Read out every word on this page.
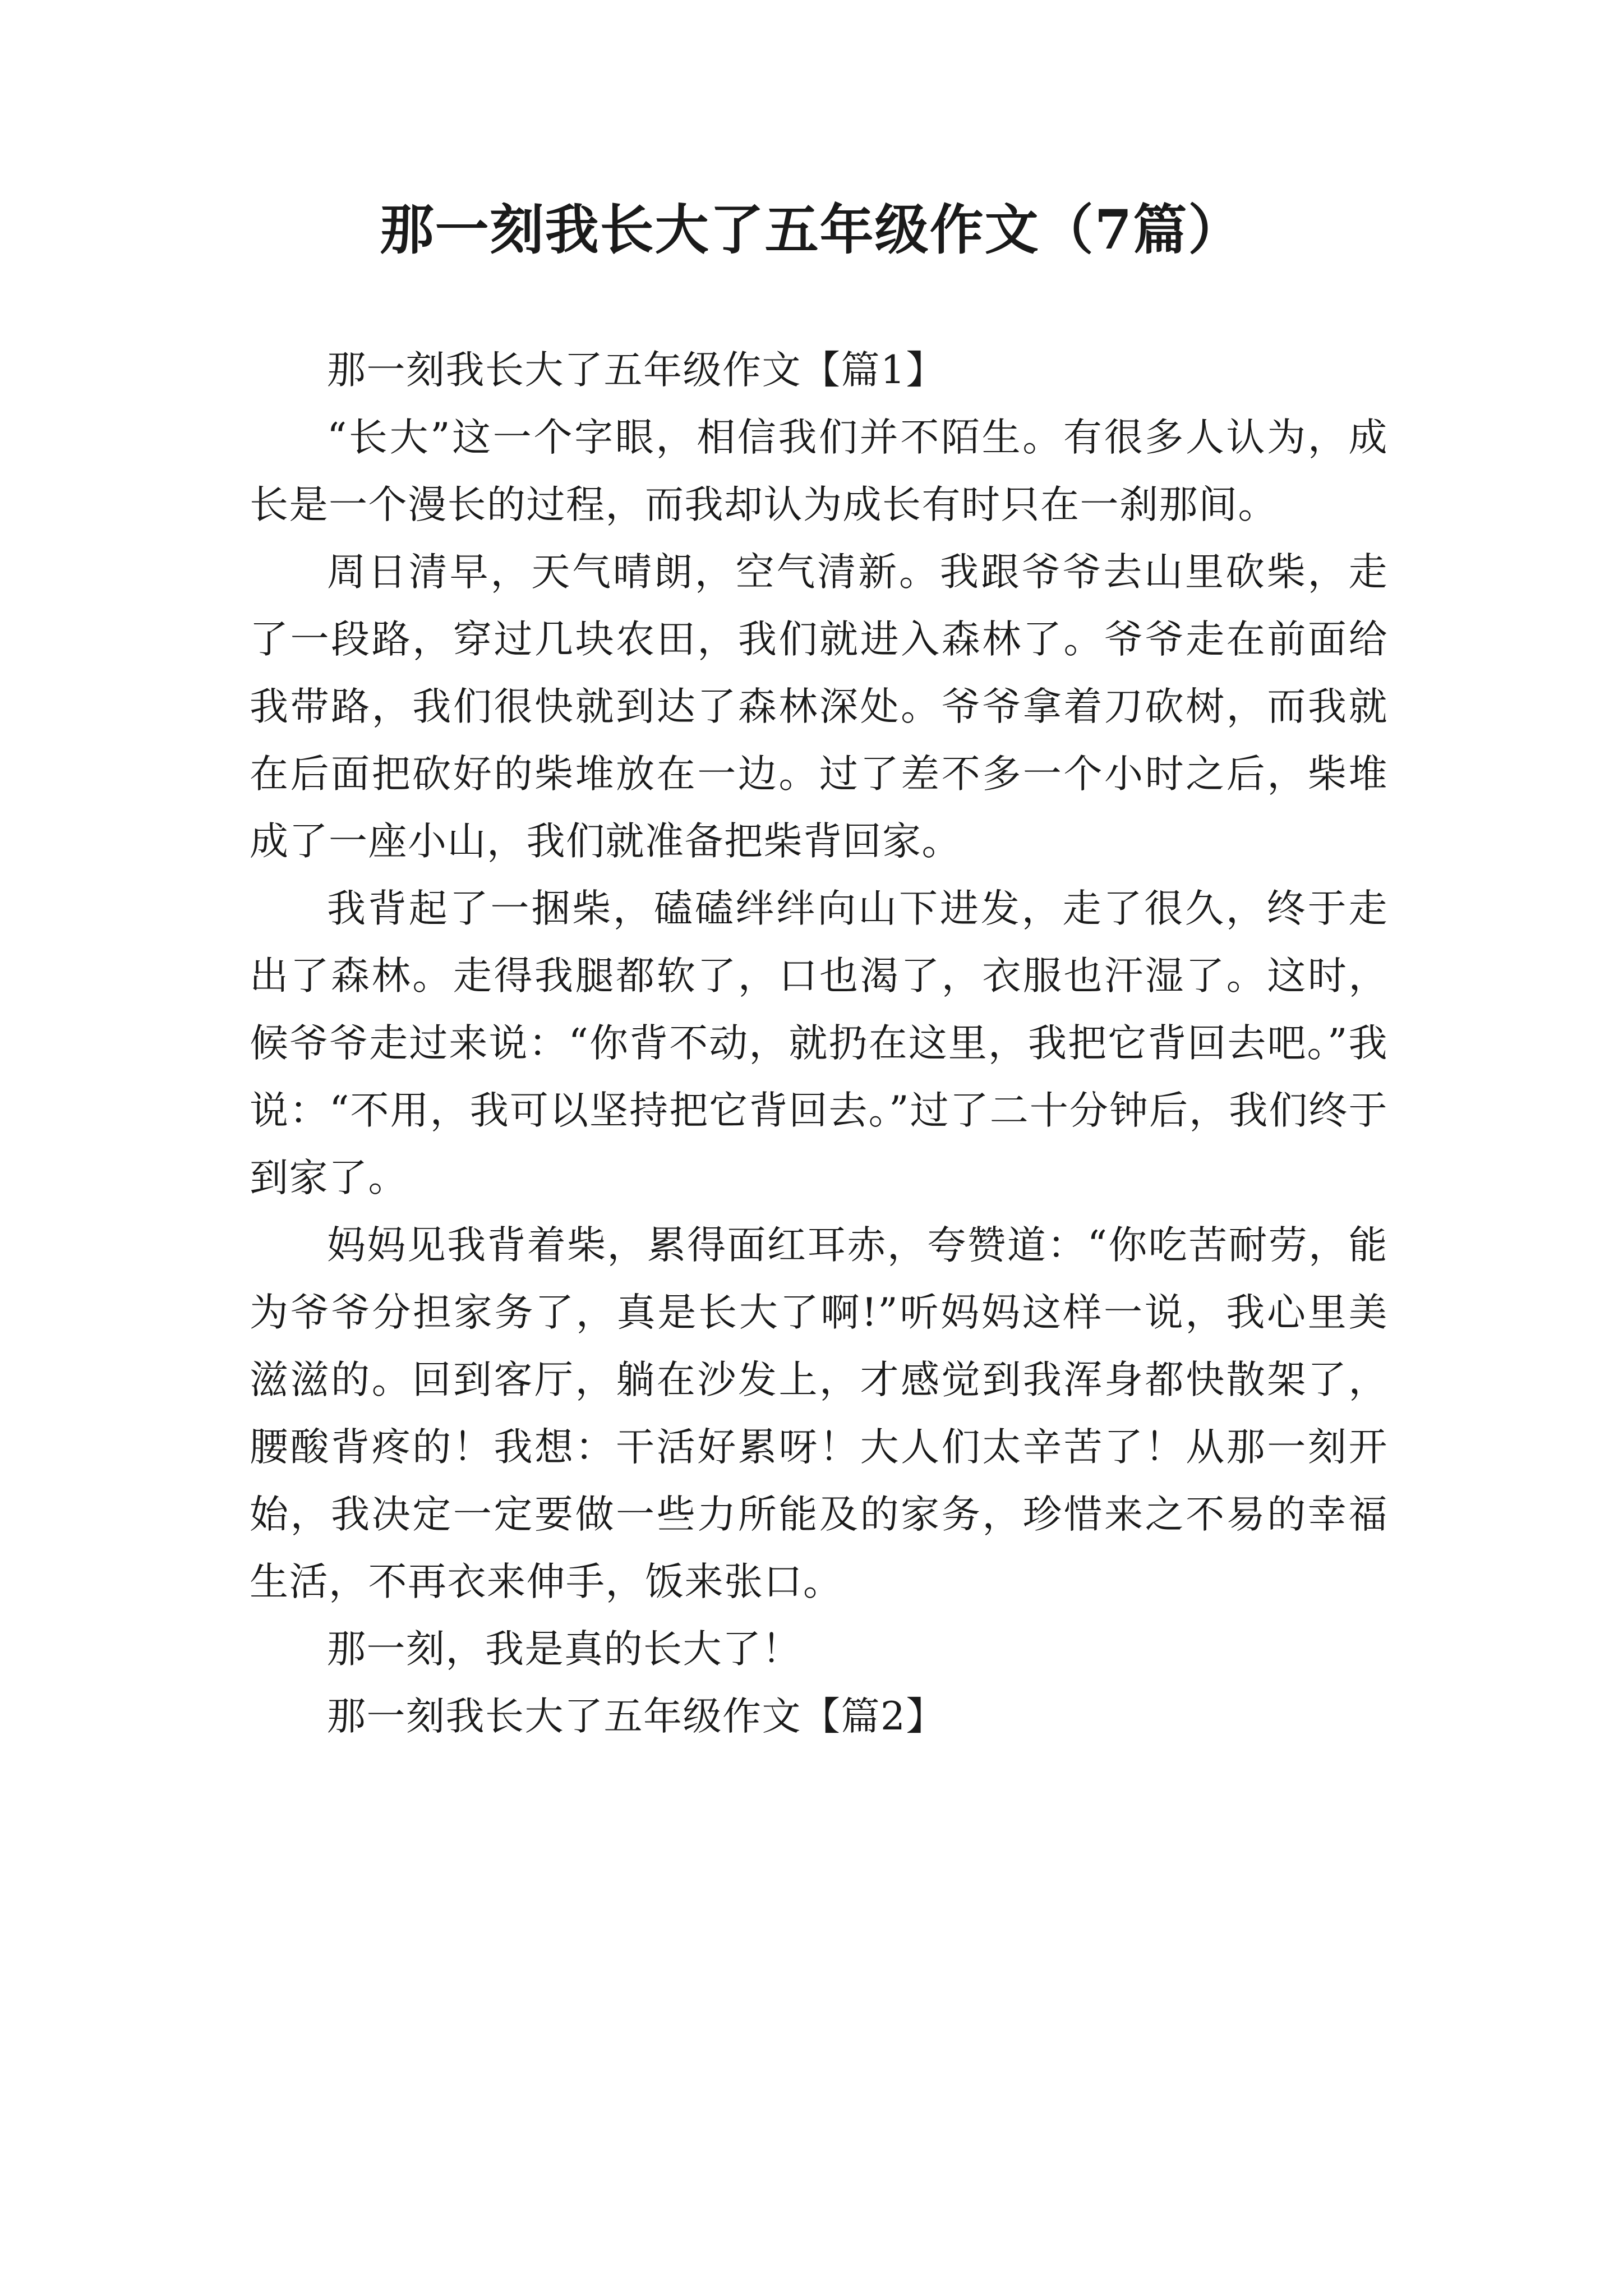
那一刻我长大了五年级作文（7篇）

那一刻我长大了五年级作文【篇1】

“长大”这一个字眼，相信我们并不陌生。有很多人认为，成长是一个漫长的过程，而我却认为成长有时只在一刹那间。

周日清早，天气晴朗，空气清新。我跟爷爷去山里砍柴，走了一段路，穿过几块农田，我们就进入森林了。爷爷走在前面给我带路，我们很快就到达了森林深处。爷爷拿着刀砍树，而我就在后面把砍好的柴堆放在一边。过了差不多一个小时之后，柴堆成了一座小山，我们就准备把柴背回家。

我背起了一捆柴，磕磕绊绊向山下进发，走了很久，终于走出了森林。走得我腿都软了，口也渴了，衣服也汗湿了。这时，候爷爷走过来说：“你背不动，就扔在这里，我把它背回去吧。”我说：“不用，我可以坚持把它背回去。”过了二十分钟后，我们终于到家了。

妈妈见我背着柴，累得面红耳赤，夸赞道：“你吃苦耐劳，能为爷爷分担家务了，真是长大了啊!”听妈妈这样一说，我心里美滋滋的。回到客厅，躺在沙发上，才感觉到我浑身都快散架了，腰酸背疼的！我想：干活好累呀！大人们太辛苦了！从那一刻开始，我决定一定要做一些力所能及的家务，珍惜来之不易的幸福生活，不再衣来伸手，饭来张口。

那一刻，我是真的长大了！

那一刻我长大了五年级作文【篇2】
